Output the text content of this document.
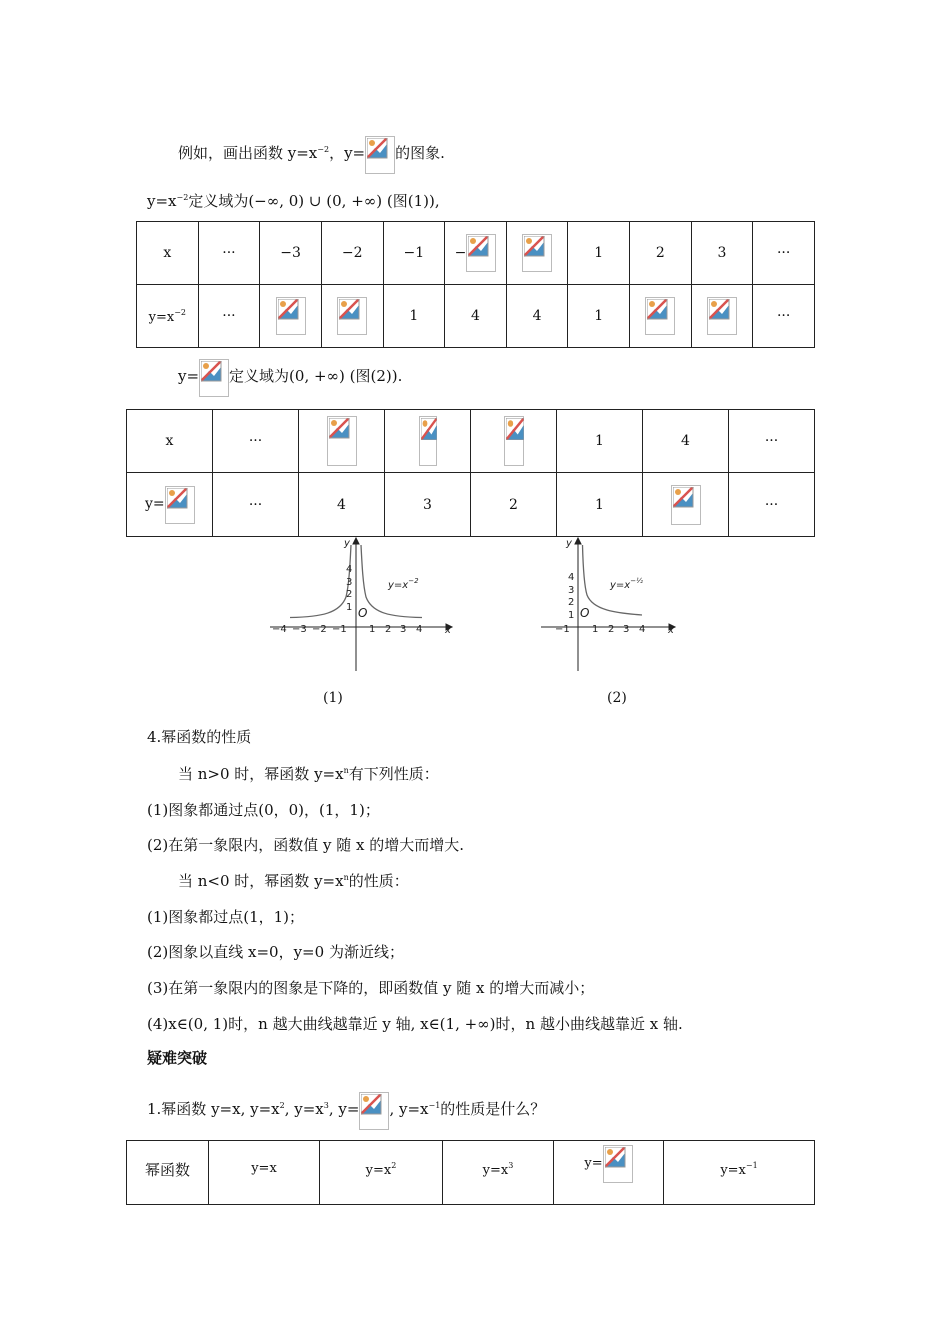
例如，画出函数 $y=x^{-2}$，y= 的图象.
$y=x^{-2}$定义域为(−∞, 0) ∪ (0, +∞) (图(1)),
x	···	−3	−2	−1	−		1	2	3	···
$y=x^{-2}$	···			1	4	4	1			···
y= 定义域为(0, +∞) (图(2)).
x	···				1	4	···
y=	···	4	3	2	1		···
y
x
O
4
3
2
1
−4 −3 −2 −1 1 2 3 4
$y=x^{-2}$
(1)
y
x
O
4
3
2
1
−1 1 2 3 4
$y=x^{-\frac{1}{2}}$
(2)
4.幂函数的性质
当 n>0 时，幂函数 $y=x^n$有下列性质：
(1)图象都通过点(0，0)，(1，1)；
(2)在第一象限内，函数值 y 随 x 的增大而增大.
当 n<0 时，幂函数 $y=x^n$的性质：
(1)图象都过点(1，1)；
(2)图象以直线 x=0，y=0 为渐近线；
(3)在第一象限内的图象是下降的，即函数值 y 随 x 的增大而减小；
(4)x∈(0, 1)时，n 越大曲线越靠近 y 轴, x∈(1, +∞)时，n 越小曲线越靠近 x 轴.
疑难突破
1.幂函数 y=x, $y=x^2$, $y=x^3$, y= , $y=x^{-1}$的性质是什么？
幂函数	y=x	$y=x^2$	$y=x^3$	y=	$y=x^{-1}$
